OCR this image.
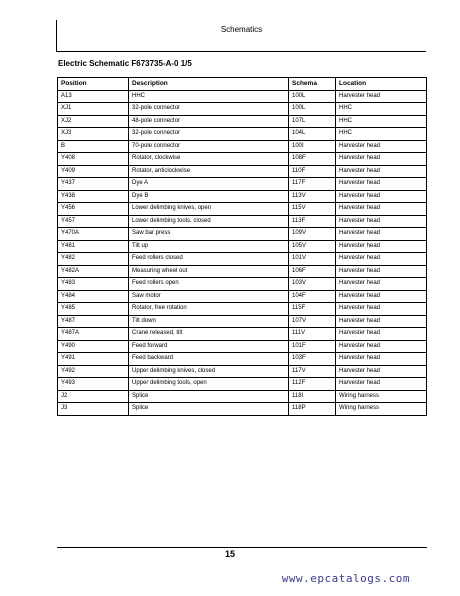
Schematics
Electric Schematic F673735-A-0 1/5
Position	Description	Schema	Location
A13	HHC	100L	Harvester head
XJ1	32-pole connector	100L	HHC
XJ2	48-pole connector	107L	HHC
XJ3	32-pole connector	104L	HHC
B	70-pole connector	100I	Harvester head
Y408	Rotator, clockwise	108F	Harvester head
Y409	Rotator, anticlockwise	110F	Harvester head
Y437	Dye A	117F	Harvester head
Y438	Dye B	113V	Harvester head
Y456	Lower delimbing knives, open	115V	Harvester head
Y457	Lower delimbing tools, closed	113F	Harvester head
Y470A	Saw bar press	109V	Harvester head
Y481	Tilt up	105V	Harvester head
Y482	Feed rollers closed	101V	Harvester head
Y482A	Measuring wheel out	106F	Harvester head
Y483	Feed rollers open	103V	Harvester head
Y484	Saw motor	104F	Harvester head
Y485	Rotator, free rotation	115F	Harvester head
Y487	Tilt down	107V	Harvester head
Y487A	Crane released, tilt	111V	Harvester head
Y490	Feed forward	101F	Harvester head
Y491	Feed backward	103F	Harvester head
Y492	Upper delimbing knives, closed	117V	Harvester head
Y493	Upper delimbing tools, open	112F	Harvester head
J2	Splice	118I	Wiring harness
J3	Splice	118P	Wiring harness
15
www.epcatalogs.com
